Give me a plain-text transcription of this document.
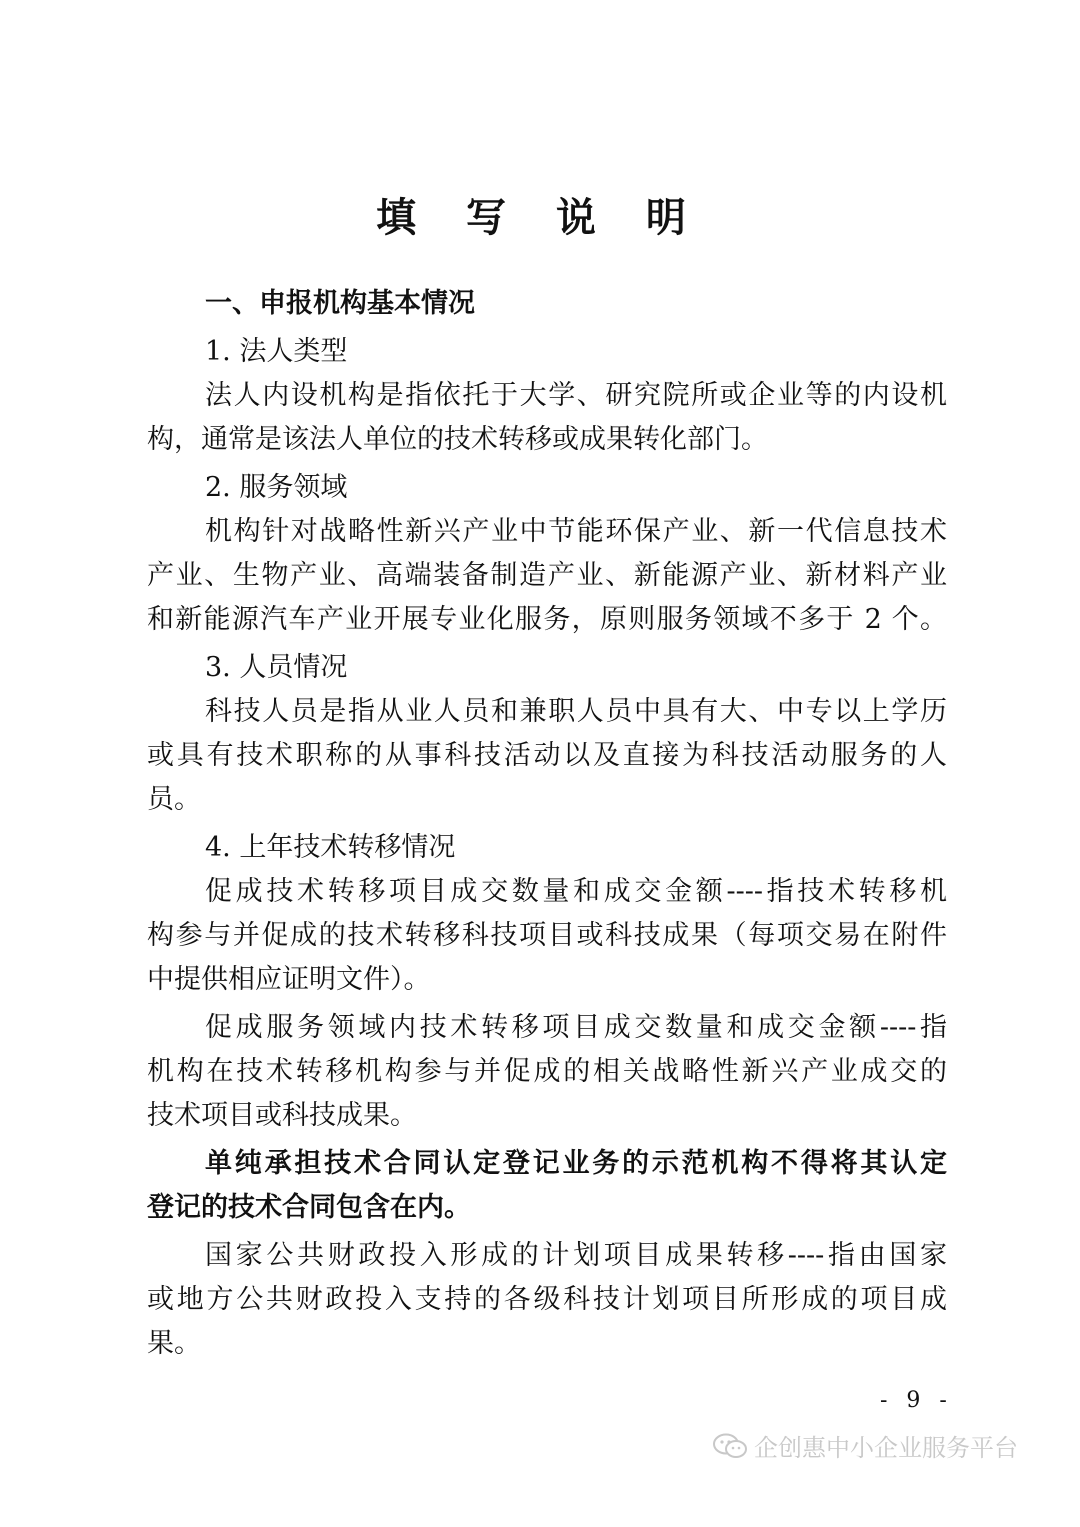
填 写 说 明
一、申报机构基本情况
1. 法人类型
法人内设机构是指依托于大学、研究院所或企业等的内设机
构，通常是该法人单位的技术转移或成果转化部门。
2. 服务领域
机构针对战略性新兴产业中节能环保产业、新一代信息技术
产业、生物产业、高端装备制造产业、新能源产业、新材料产业
和新能源汽车产业开展专业化服务，原则服务领域不多于 2 个。
3. 人员情况
科技人员是指从业人员和兼职人员中具有大、中专以上学历
或具有技术职称的从事科技活动以及直接为科技活动服务的人
员。
4. 上年技术转移情况
促成技术转移项目成交数量和成交金额----指技术转移机
构参与并促成的技术转移科技项目或科技成果（每项交易在附件
中提供相应证明文件）。
促成服务领域内技术转移项目成交数量和成交金额----指
机构在技术转移机构参与并促成的相关战略性新兴产业成交的
技术项目或科技成果。
单纯承担技术合同认定登记业务的示范机构不得将其认定
登记的技术合同包含在内。
国家公共财政投入形成的计划项目成果转移----指由国家
或地方公共财政投入支持的各级科技计划项目所形成的项目成
果。
- 9 -
企创惠中小企业服务平台
